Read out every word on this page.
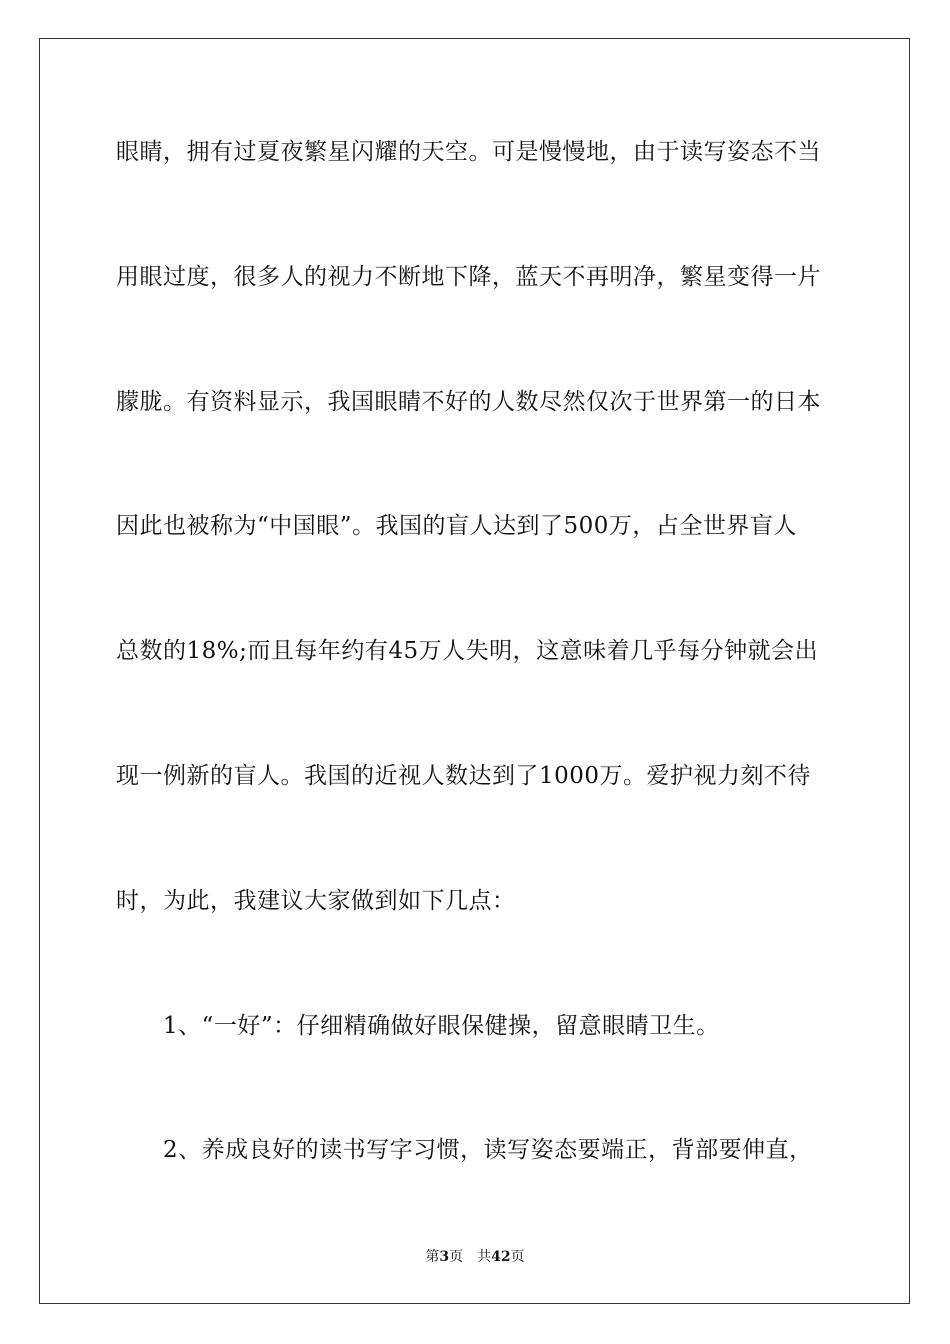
眼睛，拥有过夏夜繁星闪耀的天空。可是慢慢地，由于读写姿态不当
用眼过度，很多人的视力不断地下降，蓝天不再明净，繁星变得一片
朦胧。有资料显示，我国眼睛不好的人数尽然仅次于世界第一的日本
因此也被称为“中国眼”。我国的盲人达到了500万，占全世界盲人
总数的18%;而且每年约有45万人失明，这意味着几乎每分钟就会出
现一例新的盲人。我国的近视人数达到了1000万。爱护视力刻不待
时，为此，我建议大家做到如下几点：
1、“一好”：仔细精确做好眼保健操，留意眼睛卫生。
2、养成良好的读书写字习惯，读写姿态要端正，背部要伸直，
第3页 共42页
